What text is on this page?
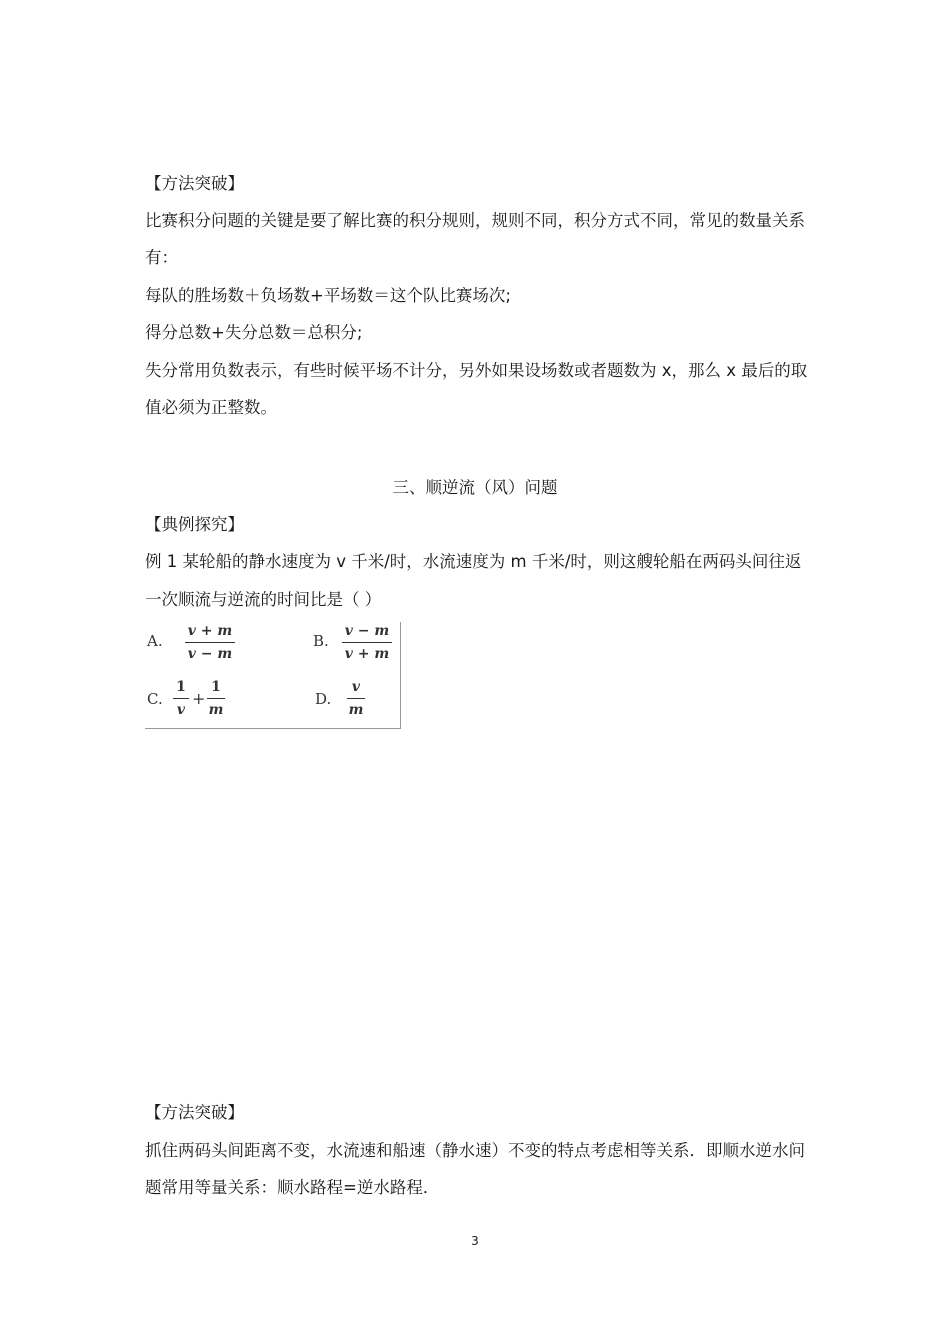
【方法突破】
比赛积分问题的关键是要了解比赛的积分规则，规则不同，积分方式不同，常见的数量关系
有：
每队的胜场数＋负场数+平场数＝这个队比赛场次;
得分总数+失分总数＝总积分;
失分常用负数表示，有些时候平场不计分，另外如果设场数或者题数为 x，那么 x 最后的取
值必须为正整数。
三、顺逆流（风）问题
【典例探究】
例 1 某轮船的静水速度为 v 千米/时，水流速度为 m 千米/时，则这艘轮船在两码头间往返
一次顺流与逆流的时间比是（ ）
A.
v + m
v − m
B.
v − m
v + m
C.
1
v
+
1
m
D.
v
m
【方法突破】
抓住两码头间距离不变，水流速和船速（静水速）不变的特点考虑相等关系．即顺水逆水问
题常用等量关系：顺水路程=逆水路程．
3
